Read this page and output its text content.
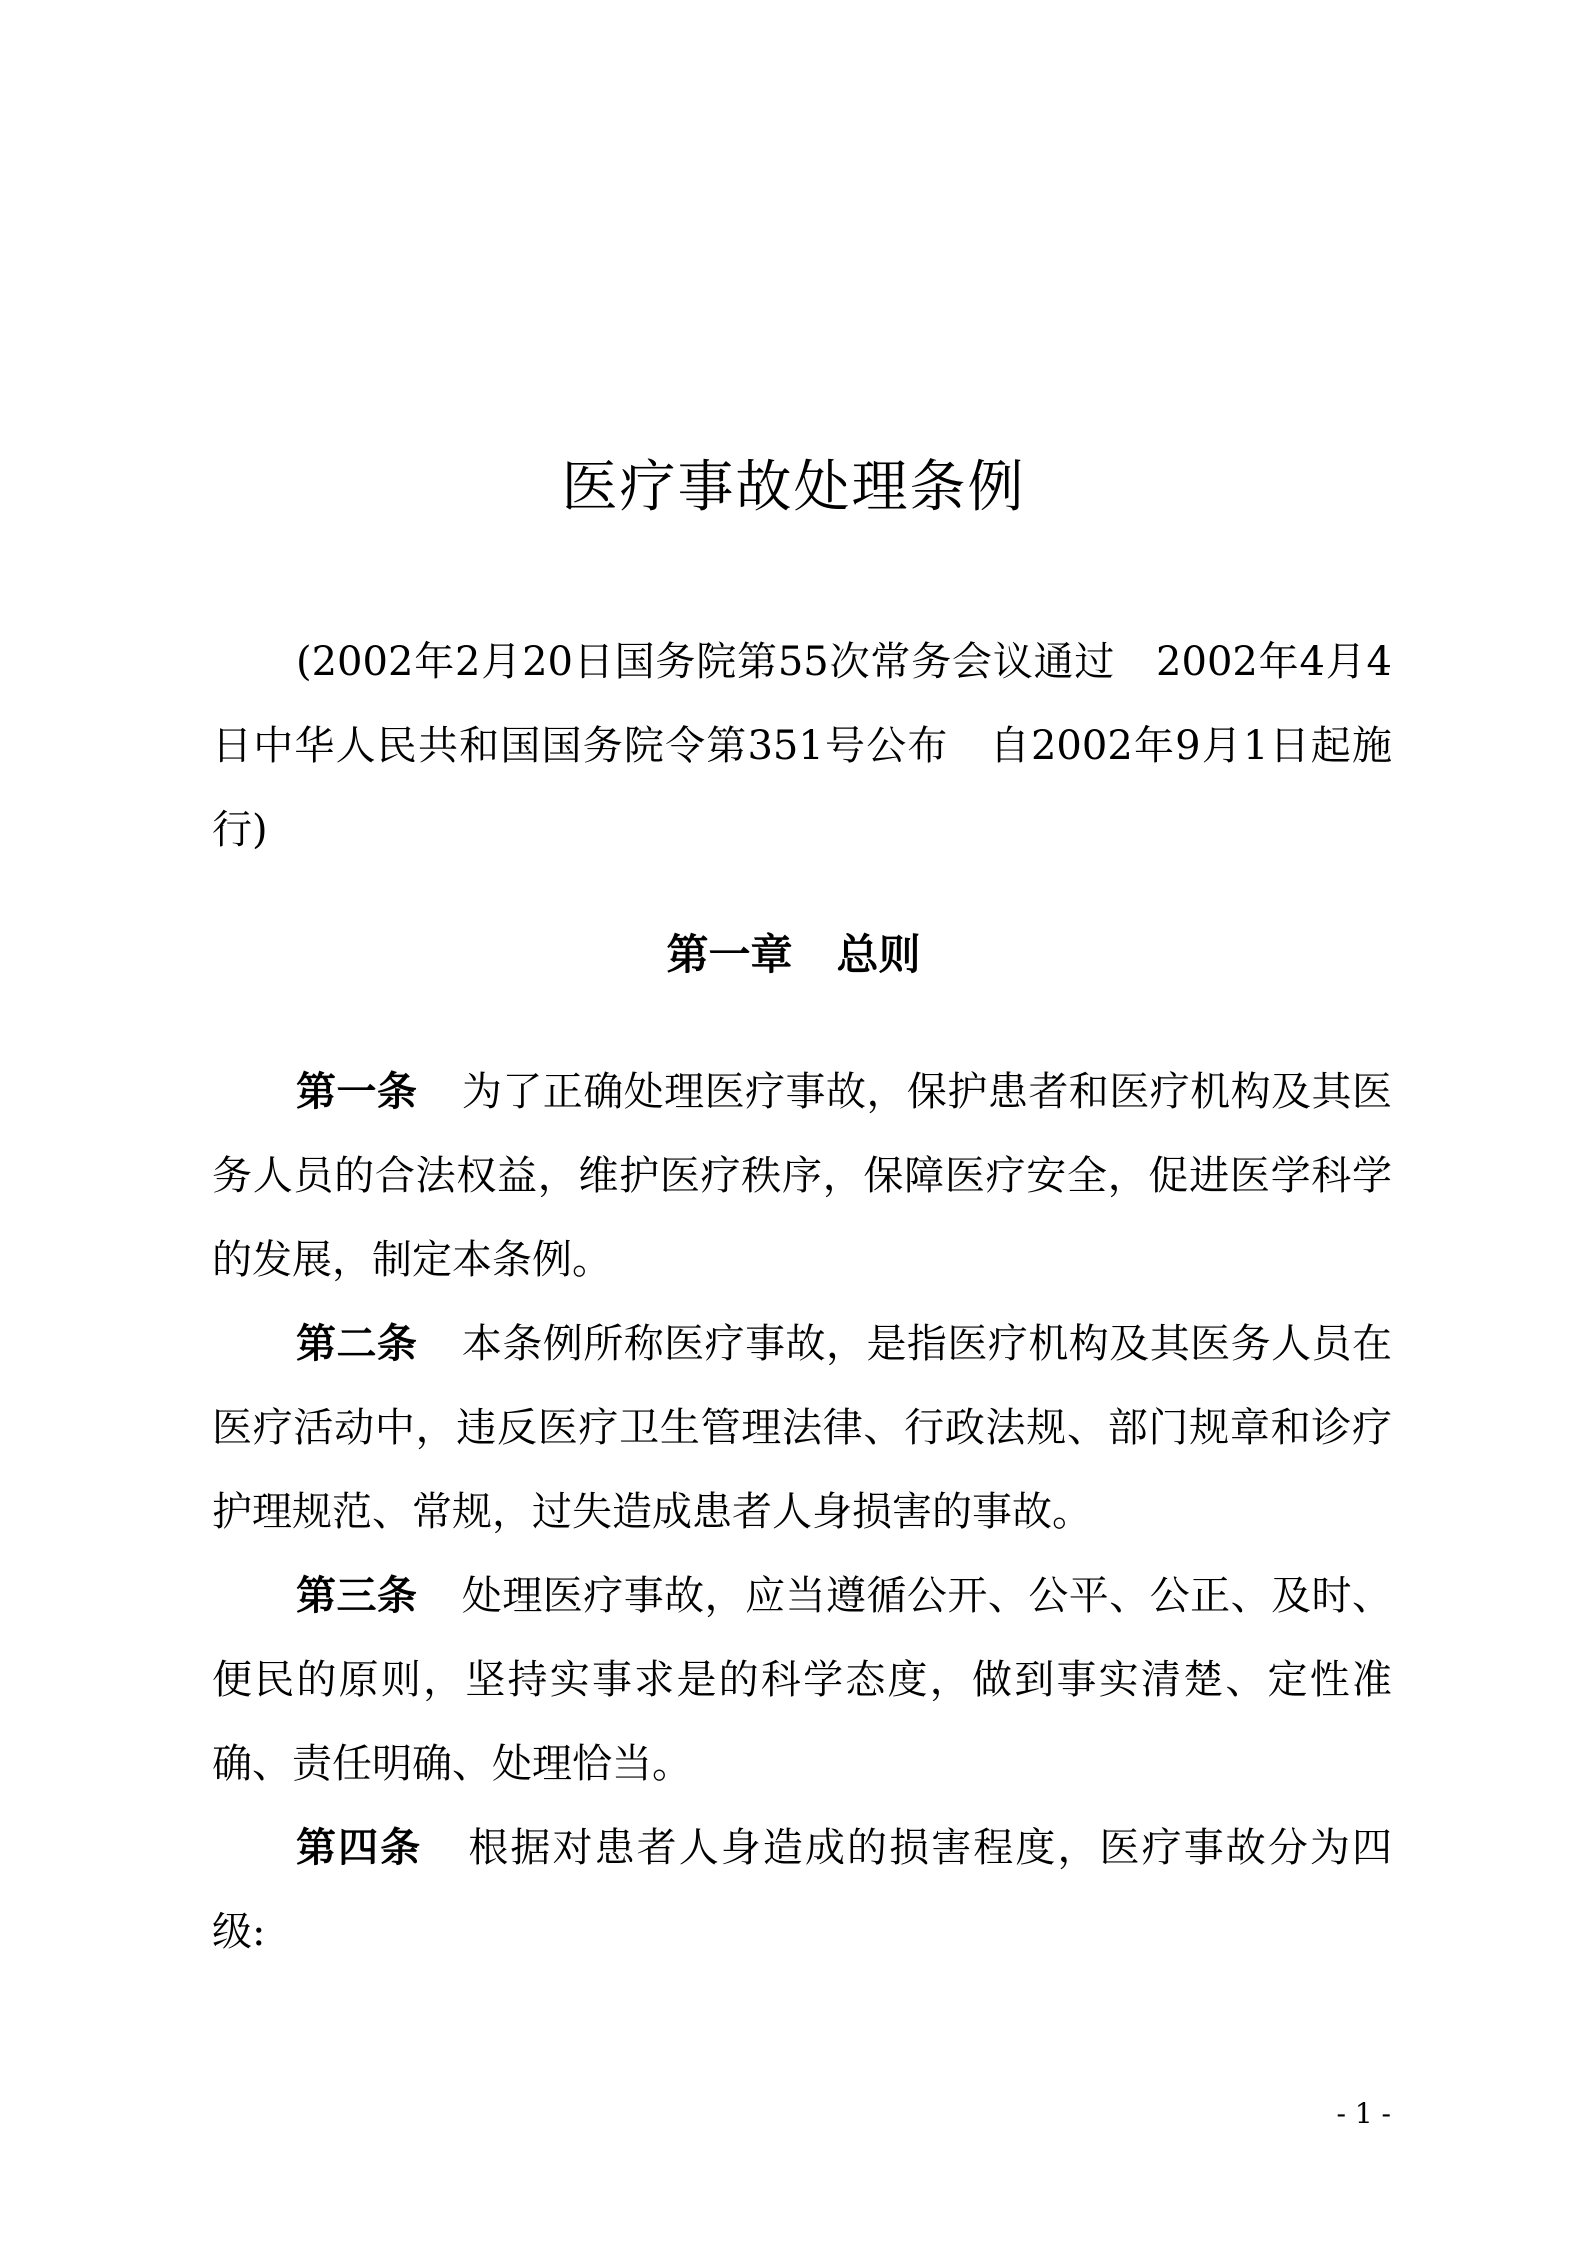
医疗事故处理条例

(2002年2月20日国务院第55次常务会议通过　2002年4月4日中华人民共和国国务院令第351号公布　自2002年9月1日起施行)

第一章 总则

第一条 为了正确处理医疗事故，保护患者和医疗机构及其医务人员的合法权益，维护医疗秩序，保障医疗安全，促进医学科学的发展，制定本条例。

第二条 本条例所称医疗事故，是指医疗机构及其医务人员在医疗活动中，违反医疗卫生管理法律、行政法规、部门规章和诊疗护理规范、常规，过失造成患者人身损害的事故。

第三条 处理医疗事故，应当遵循公开、公平、公正、及时、便民的原则，坚持实事求是的科学态度，做到事实清楚、定性准确、责任明确、处理恰当。

第四条 根据对患者人身造成的损害程度，医疗事故分为四级:

- 1 -
